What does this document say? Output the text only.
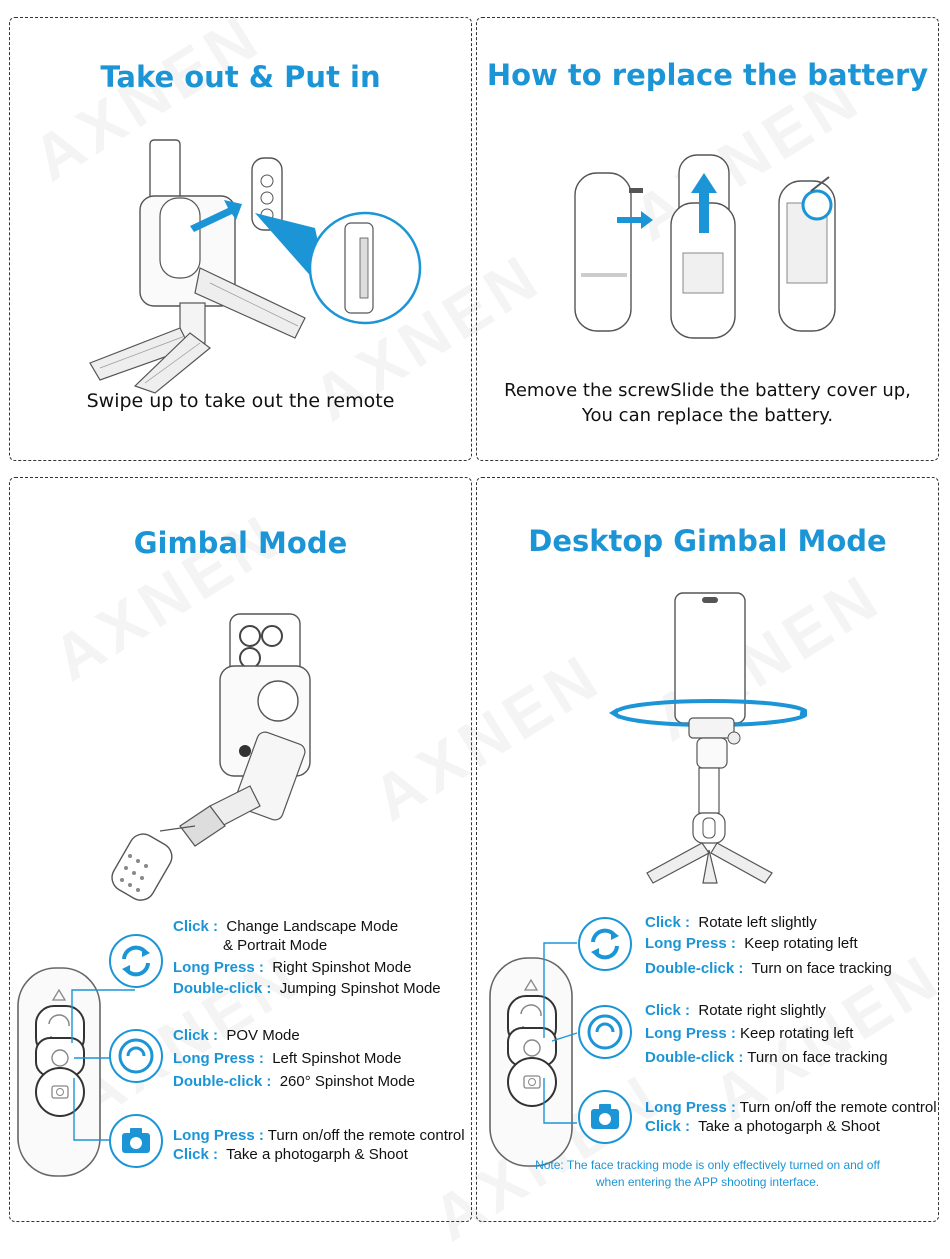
Take out & Put in
Swipe up to take out the remote
How to replace the battery
Remove the screwSlide the battery cover up,
You can replace the battery.
Gimbal Mode
Click : Change Landscape Mode
& Portrait Mode
Long Press : Right Spinshot Mode
Double-click : Jumping Spinshot Mode
Click : POV Mode
Long Press : Left Spinshot Mode
Double-click : 260° Spinshot Mode
Long Press : Turn on/off the remote control
Click : Take a photogarph & Shoot
Desktop Gimbal Mode
Click : Rotate left slightly
Long Press : Keep rotating left
Double-click : Turn on face tracking
Click : Rotate right slightly
Long Press : Keep rotating left
Double-click : Turn on face tracking
Long Press : Turn on/off the remote control
Click : Take a photogarph & Shoot
Note: The face tracking mode is only effectively turned on and off
when entering the APP shooting interface.
